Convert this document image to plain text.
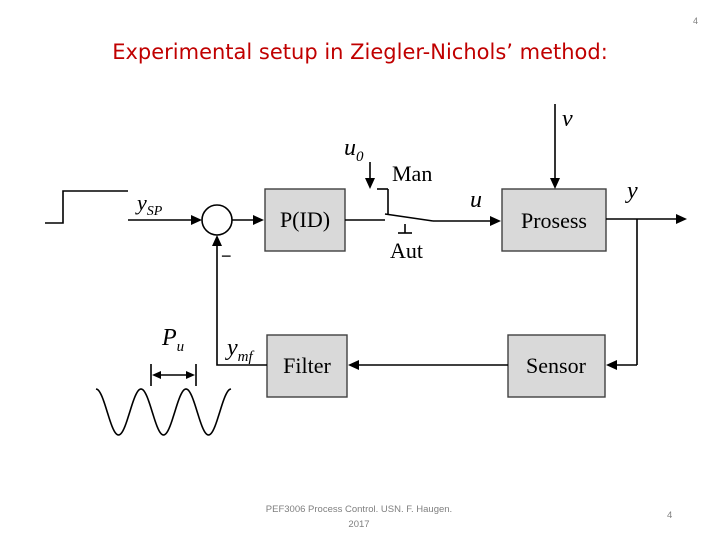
4
Experimental setup in Ziegler-Nichols’ method:
$y_{SP}$
−
P(ID)
Man
Aut
$u_0$
u
Prosess
v
y
Sensor
Filter
$y_{mf}$
$P_u$
PEF3006 Process Control. USN. F. Haugen.
2017
4
